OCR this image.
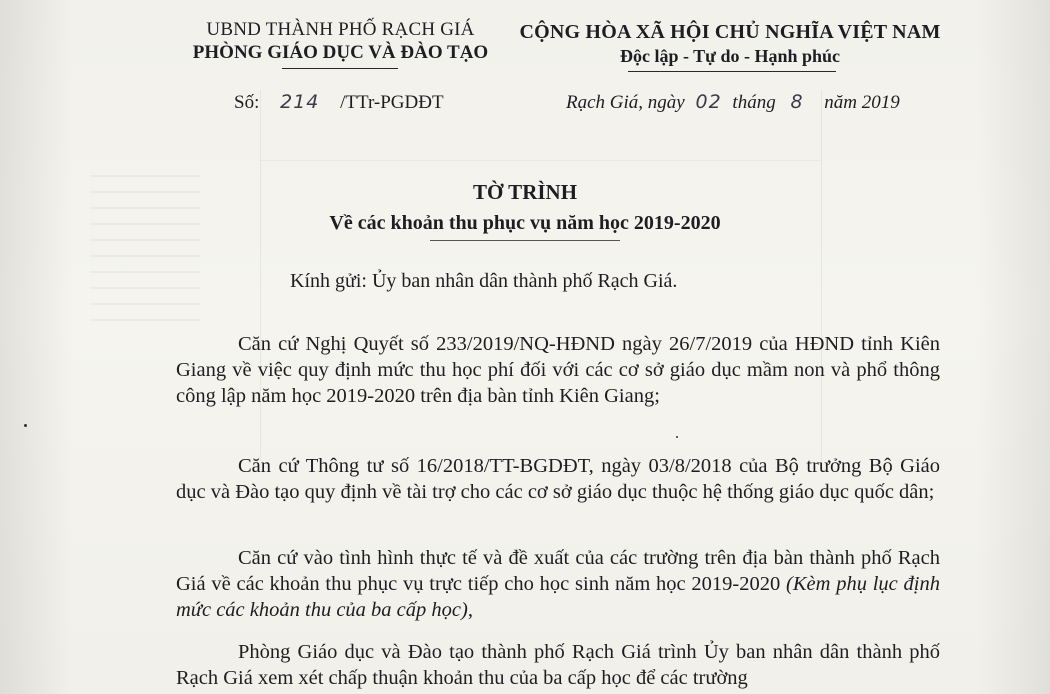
UBND THÀNH PHỐ RẠCH GIÁ
PHÒNG GIÁO DỤC VÀ ĐÀO TẠO
CỘNG HÒA XÃ HỘI CHỦ NGHĨA VIỆT NAM
Độc lập - Tự do - Hạnh phúc
Số: 214 /TTr-PGDĐT	Rạch Giá, ngày 02 tháng 8 năm 2019
TỜ TRÌNH
Về các khoản thu phục vụ năm học 2019-2020
Kính gửi: Ủy ban nhân dân thành phố Rạch Giá.

Căn cứ Nghị Quyết số 233/2019/NQ-HĐND ngày 26/7/2019 của HĐND tỉnh Kiên Giang về việc quy định mức thu học phí đối với các cơ sở giáo dục mầm non và phổ thông công lập năm học 2019-2020 trên địa bàn tỉnh Kiên Giang;

Căn cứ Thông tư số 16/2018/TT-BGDĐT, ngày 03/8/2018 của Bộ trưởng Bộ Giáo dục và Đào tạo quy định về tài trợ cho các cơ sở giáo dục thuộc hệ thống giáo dục quốc dân;

Căn cứ vào tình hình thực tế và đề xuất của các trường trên địa bàn thành phố Rạch Giá về các khoản thu phục vụ trực tiếp cho học sinh năm học 2019-2020 (Kèm phụ lục định mức các khoản thu của ba cấp học),

Phòng Giáo dục và Đào tạo thành phố Rạch Giá trình Ủy ban nhân dân thành phố Rạch Giá xem xét chấp thuận khoản thu của ba cấp học để các trường
